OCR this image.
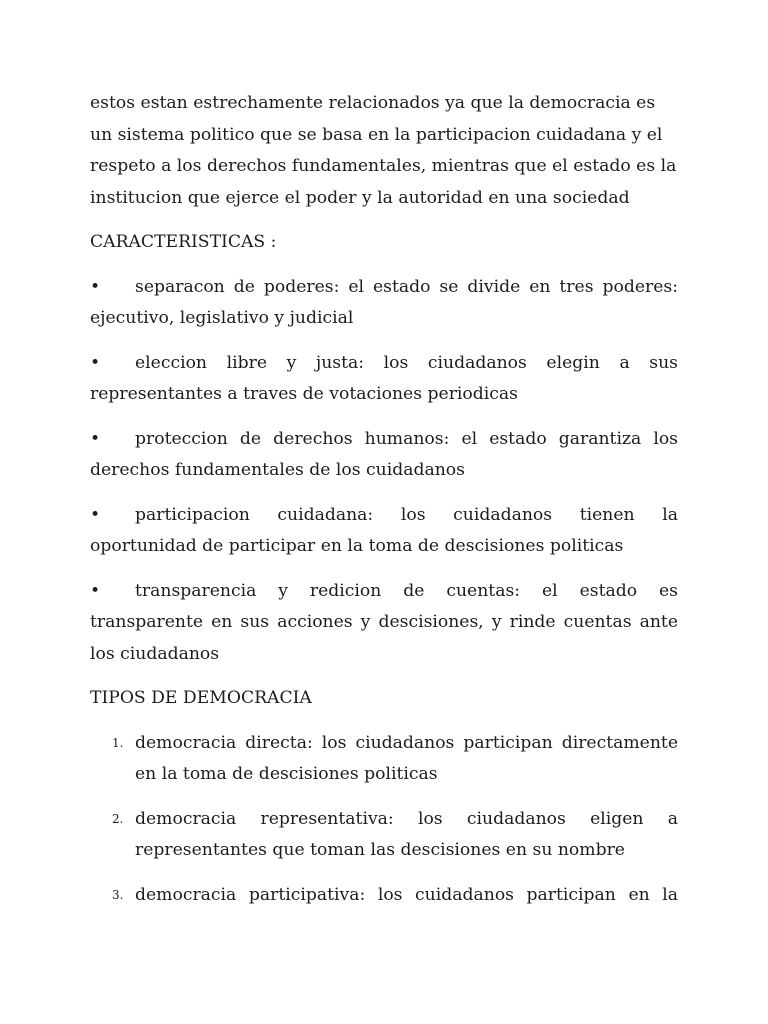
estos estan estrechamente relacionados ya que la democracia es un sistema politico que se basa en la participacion cuidadana y el respeto a los derechos fundamentales, mientras que el estado es la institucion que ejerce el poder y la autoridad en una sociedad

CARACTERISTICAS :

• separacon de poderes: el estado se divide en tres poderes: ejecutivo, legislativo y judicial

• eleccion libre y justa: los ciudadanos elegin a sus representantes a traves de votaciones periodicas

• proteccion de derechos humanos: el estado garantiza los derechos fundamentales de los cuidadanos

• participacion cuidadana: los cuidadanos tienen la oportunidad de participar en la toma de descisiones politicas

• transparencia y redicion de cuentas: el estado es transparente en sus acciones y descisiones, y rinde cuentas ante los ciudadanos

TIPOS DE DEMOCRACIA

1. democracia directa: los ciudadanos participan directamente en la toma de descisiones politicas
2. democracia representativa: los ciudadanos eligen a representantes que toman las descisiones en su nombre
3. democracia participativa: los cuidadanos participan en la
